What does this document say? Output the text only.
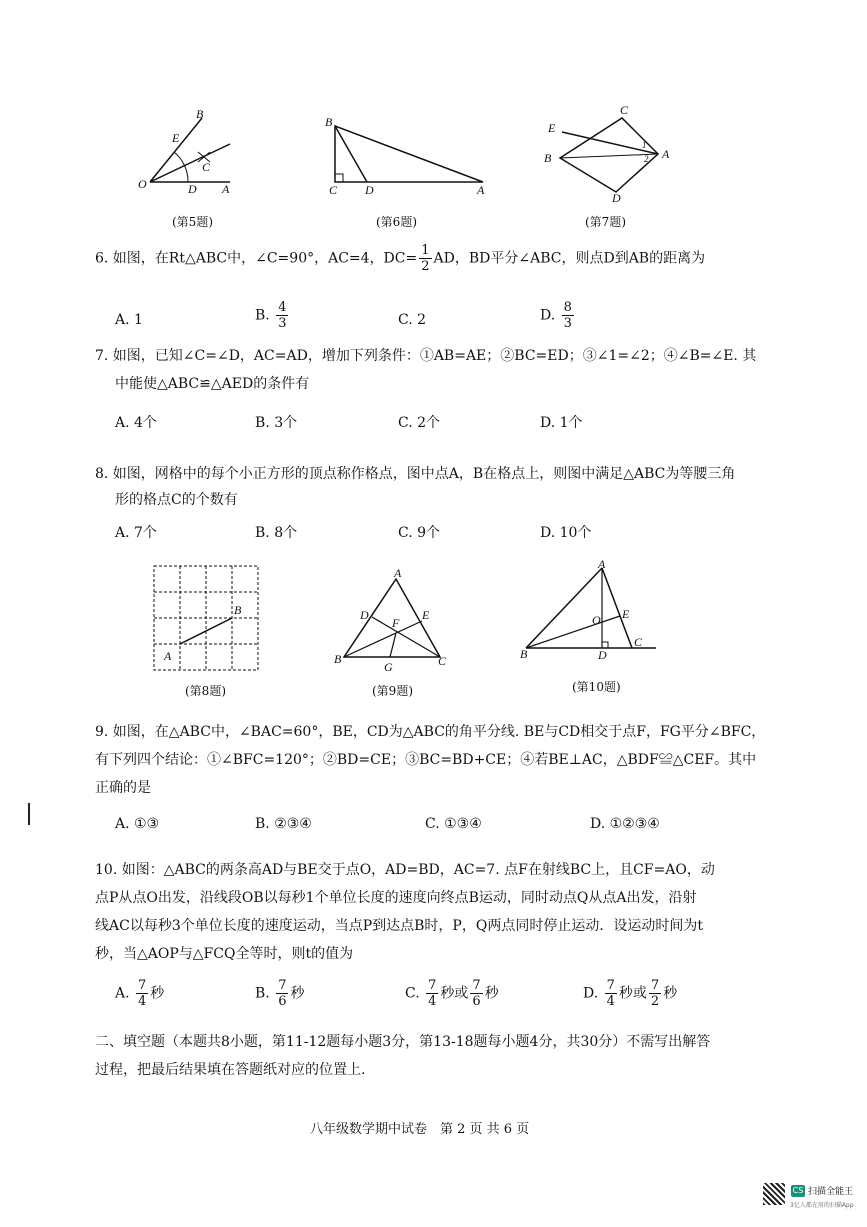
B
E
C
O	D A
(第5题)
B
C D	A
(第6题)
C
E
B	A
D
1
2
(第7题)
6. 如图，在Rt△ABC中，∠C=90°，AC=4，$DC= \frac{1}{2}$ AD，BD平分∠ABC，则点D到AB的距离为
A. 1	B. $\frac{4}{3}$	C. 2	D. $\frac{8}{3}$
7. 如图，已知∠C=∠D，AC=AD，增加下列条件：①AB=AE；②BC=ED；③∠1=∠2；④∠B=∠E. 其
中能使△ABC≌△AED的条件有
A. 4个	B. 3个	C. 2个	D. 1个
8. 如图，网格中的每个小正方形的顶点称作格点，图中点A，B在格点上，则图中满足△ABC为等腰三角
形的格点C的个数有
A. 7个	B. 8个	C. 9个	D. 10个
A
B
(第8题)
A
D	E
F
B
G	C
(第9题)
A
O E
B	D
C
(第10题)
9. 如图，在△ABC中，∠BAC=60°，BE，CD为△ABC的角平分线. BE与CD相交于点F，FG平分∠BFC，
有下列四个结论：①∠BFC=120°；②BD=CE；③BC=BD+CE；④若BE⊥AC，△BDF≌△CEF。其中
正确的是
A. ①③	B. ②③④	C. ①③④	D. ①②③④
10. 如图：△ABC的两条高AD与BE交于点O，AD=BD，AC=7. 点F在射线BC上，且CF=AO，动
点P从点O出发，沿线段OB以每秒1个单位长度的速度向终点B运动，同时动点Q从点A出发，沿射
线AC以每秒3个单位长度的速度运动，当点P到达点B时，P，Q两点同时停止运动．设运动时间为t
秒，当△AOP与△FCQ全等时，则t的值为
A. $\frac{7}{4}$ 秒	B. $\frac{7}{6}$ 秒	C. $\frac{7}{4}$ 秒或 $\frac{7}{6}$ 秒	D. $\frac{7}{4}$ 秒或 $\frac{7}{2}$ 秒
二、填空题（本题共8小题，第11-12题每小题3分，第13-18题每小题4分，共30分）不需写出解答
过程，把最后结果填在答题纸对应的位置上.
八年级数学期中试卷　第 2 页 共 6 页
CS 扫描全能王
3亿人都在用的扫描App
